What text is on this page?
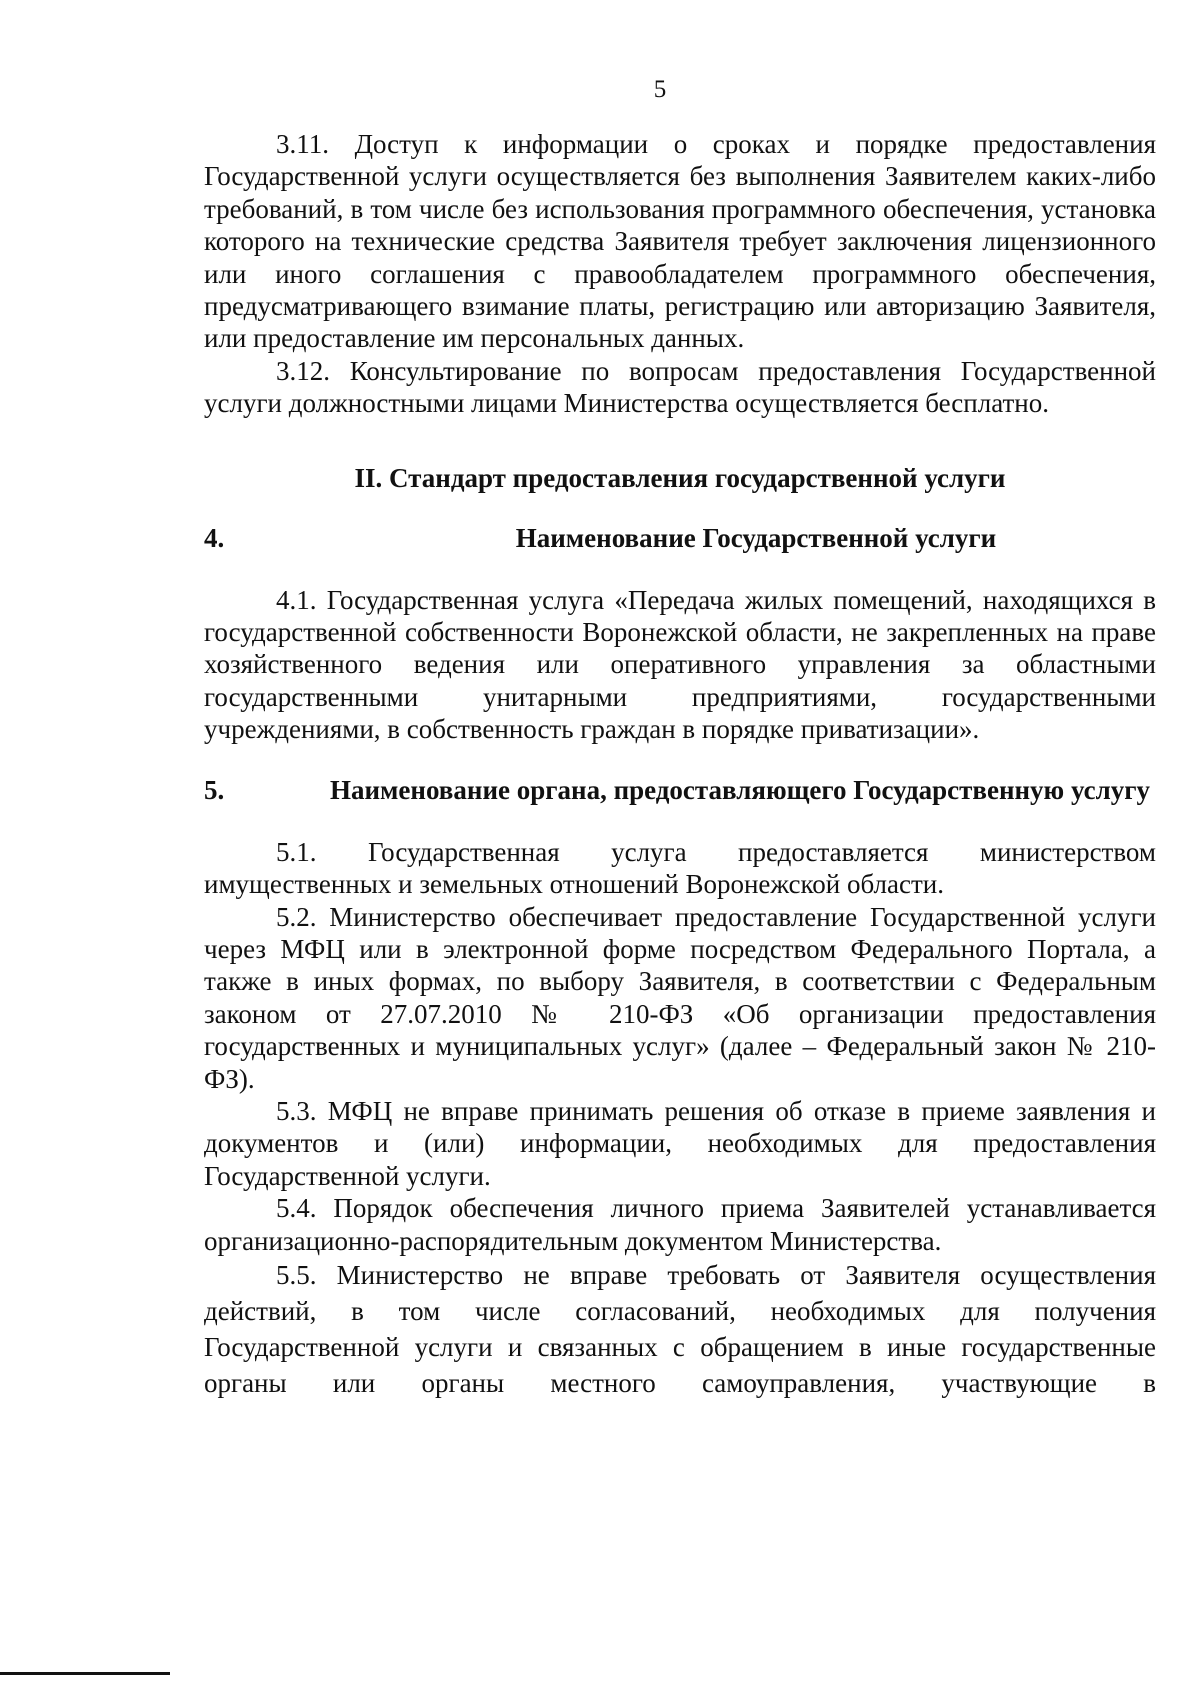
5

3.11. Доступ к информации о сроках и порядке предоставления Государственной услуги осуществляется без выполнения Заявителем каких-либо требований, в том числе без использования программного обеспечения, установка которого на технические средства Заявителя требует заключения лицензионного или иного соглашения с правообладателем программного обеспечения, предусматривающего взимание платы, регистрацию или авторизацию Заявителя, или предоставление им персональных данных.

3.12. Консультирование по вопросам предоставления Государственной услуги должностными лицами Министерства осуществляется бесплатно.

II. Стандарт предоставления государственной услуги

4.	Наименование Государственной услуги

4.1. Государственная услуга «Передача жилых помещений, находящихся в государственной собственности Воронежской области, не закрепленных на праве хозяйственного ведения или оперативного управления за областными государственными унитарными предприятиями, государственными учреждениями, в собственность граждан в порядке приватизации».

5.	Наименование органа, предоставляющего Государственную услугу

5.1. Государственная услуга предоставляется министерством имущественных и земельных отношений Воронежской области.

5.2. Министерство обеспечивает предоставление Государственной услуги через МФЦ или в электронной форме посредством Федерального Портала, а также в иных формах, по выбору Заявителя, в соответствии с Федеральным законом от 27.07.2010 № 210-ФЗ «Об организации предоставления государственных и муниципальных услуг» (далее – Федеральный закон № 210-ФЗ).

5.3. МФЦ не вправе принимать решения об отказе в приеме заявления и документов и (или) информации, необходимых для предоставления Государственной услуги.

5.4. Порядок обеспечения личного приема Заявителей устанавливается организационно-распорядительным документом Министерства.

5.5. Министерство не вправе требовать от Заявителя осуществления действий, в том числе согласований, необходимых для получения Государственной услуги и связанных с обращением в иные государственные органы или органы местного самоуправления, участвующие в
